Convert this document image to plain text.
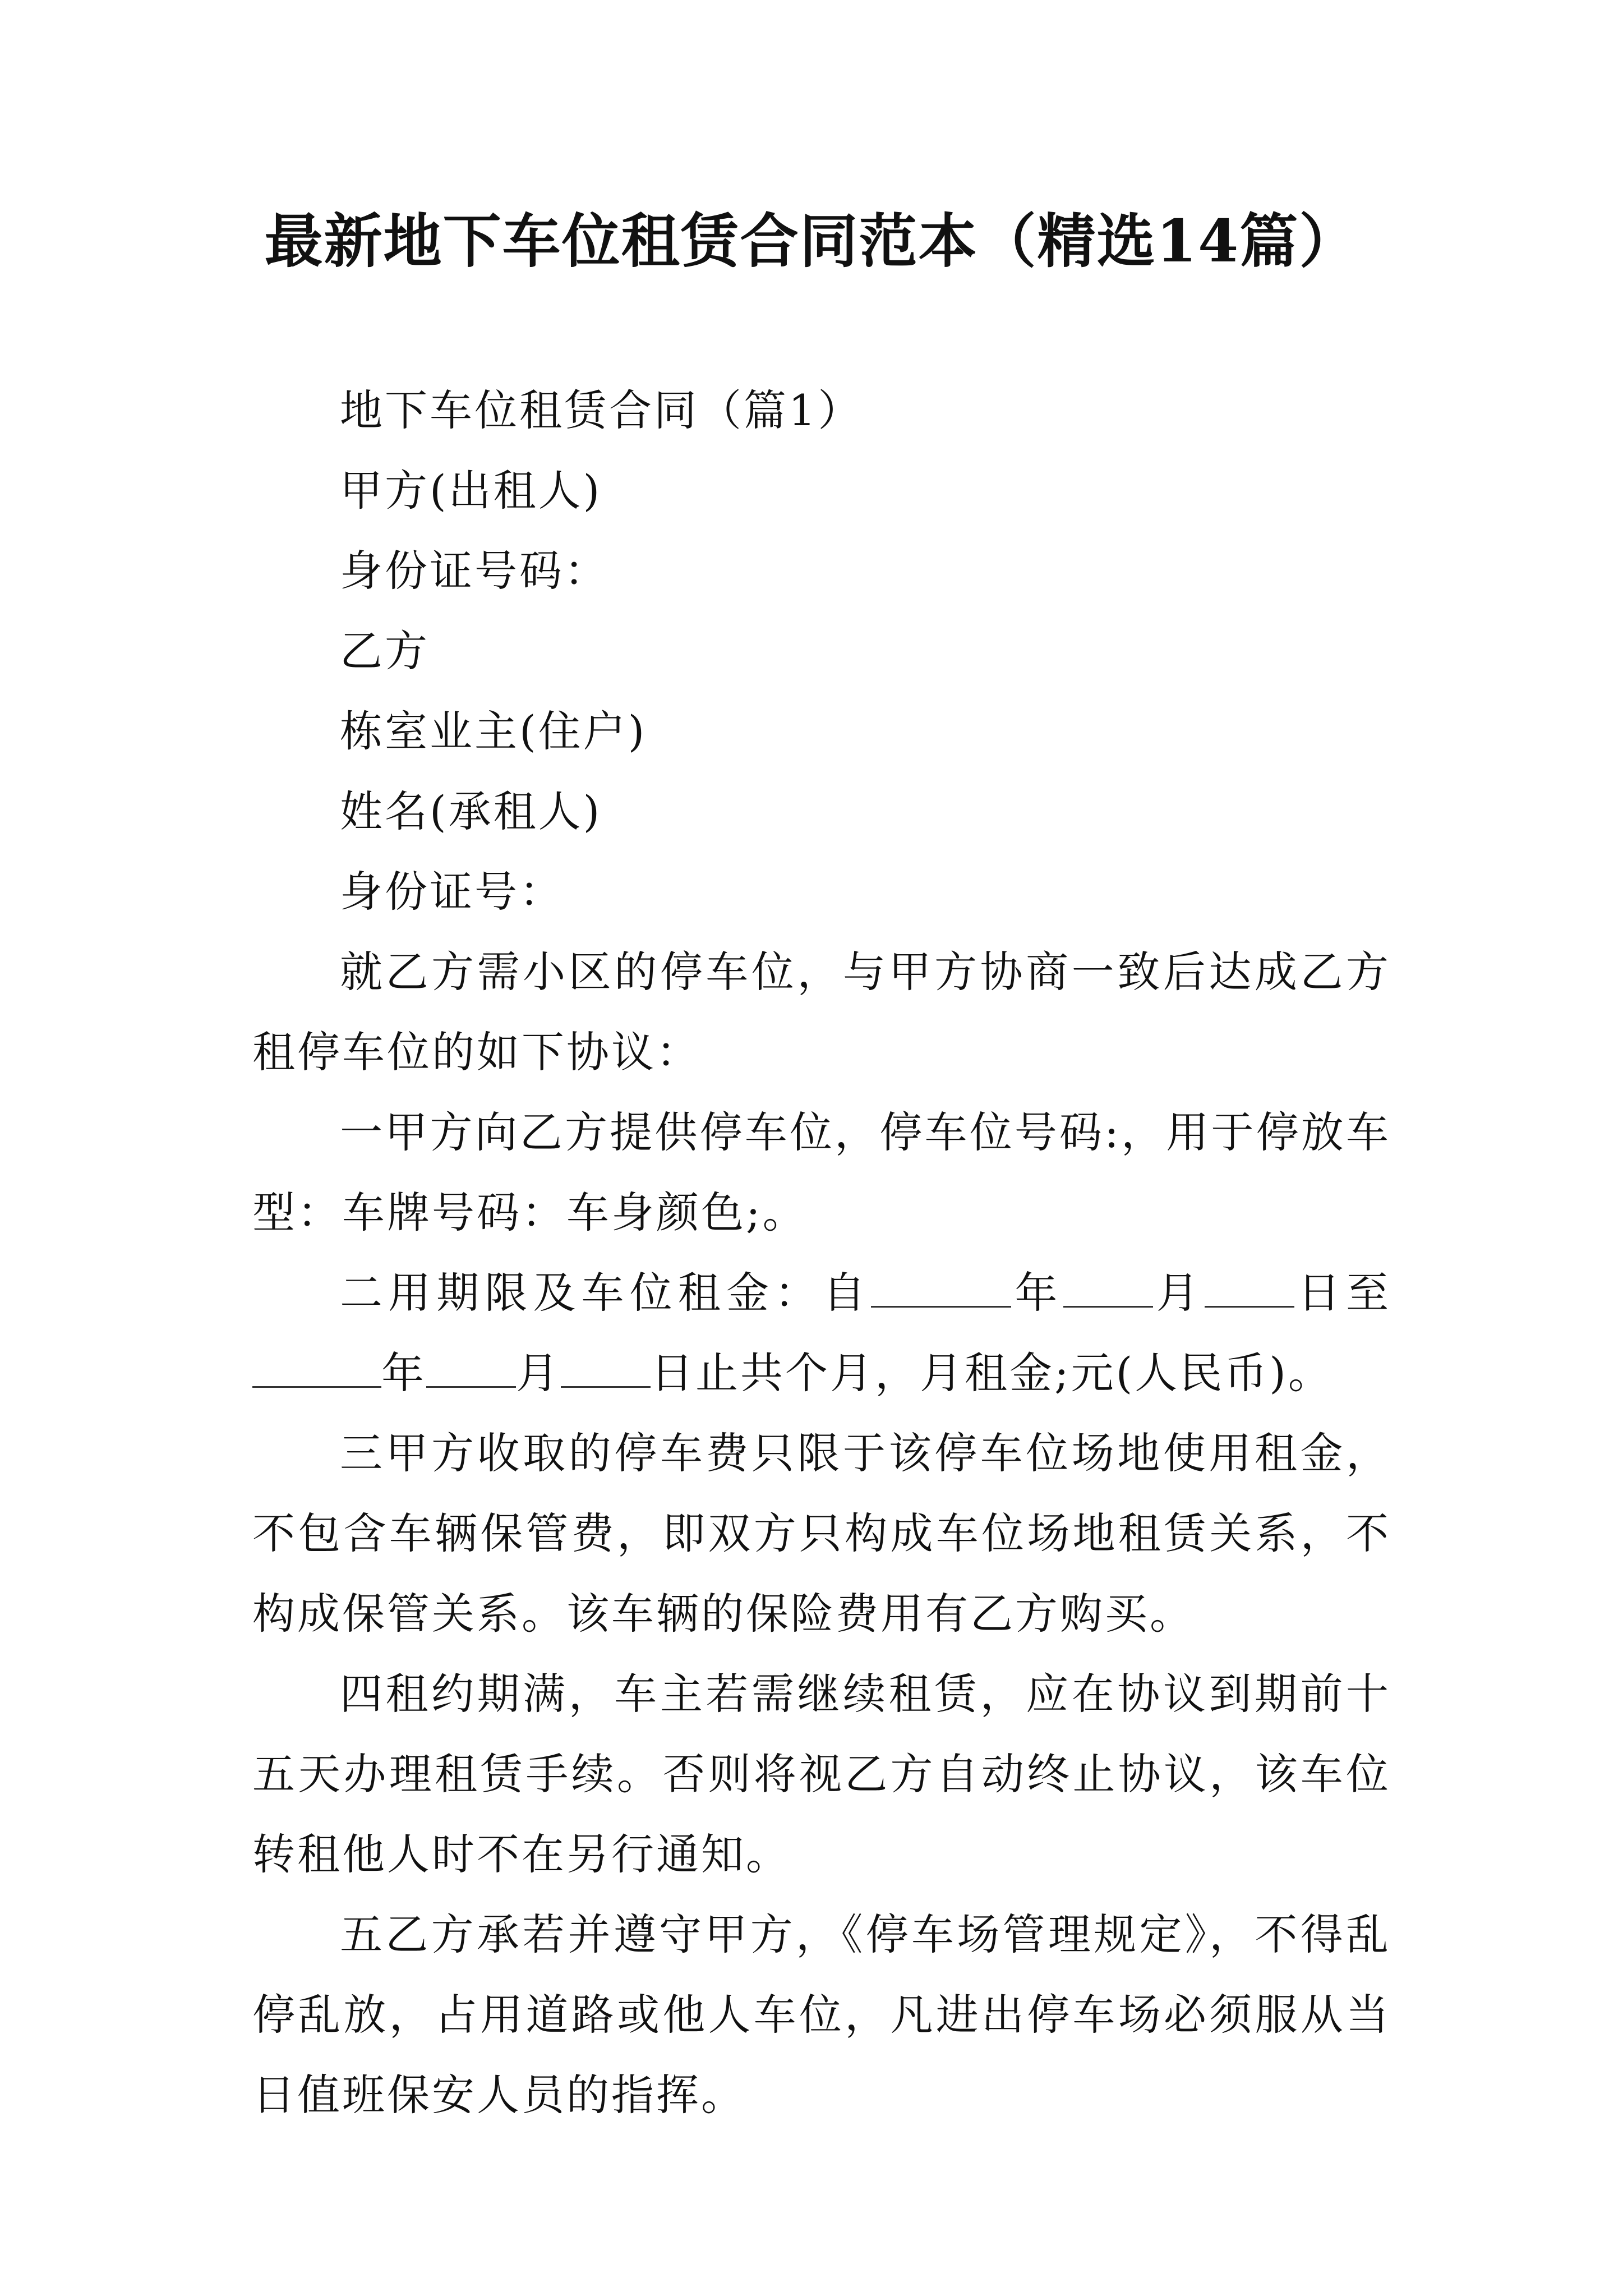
最新地下车位租赁合同范本（精选14篇）

地下车位租赁合同（篇1）

甲方(出租人)

身份证号码：

乙方

栋室业主(住户)

姓名(承租人)

身份证号：

就乙方需小区的停车位，与甲方协商一致后达成乙方租停车位的如下协议：

一甲方向乙方提供停车位，停车位号码:，用于停放车型：车牌号码：车身颜色;。

二用期限及车位租金：自	年 月 日至年 月 日止共个月，月租金;元(人民币)。

三甲方收取的停车费只限于该停车位场地使用租金，不包含车辆保管费，即双方只构成车位场地租赁关系，不构成保管关系。该车辆的保险费用有乙方购买。

四租约期满，车主若需继续租赁，应在协议到期前十五天办理租赁手续。否则将视乙方自动终止协议，该车位转租他人时不在另行通知。

五乙方承若并遵守甲方，《停车场管理规定》，不得乱停乱放，占用道路或他人车位，凡进出停车场必须服从当日值班保安人员的指挥。
